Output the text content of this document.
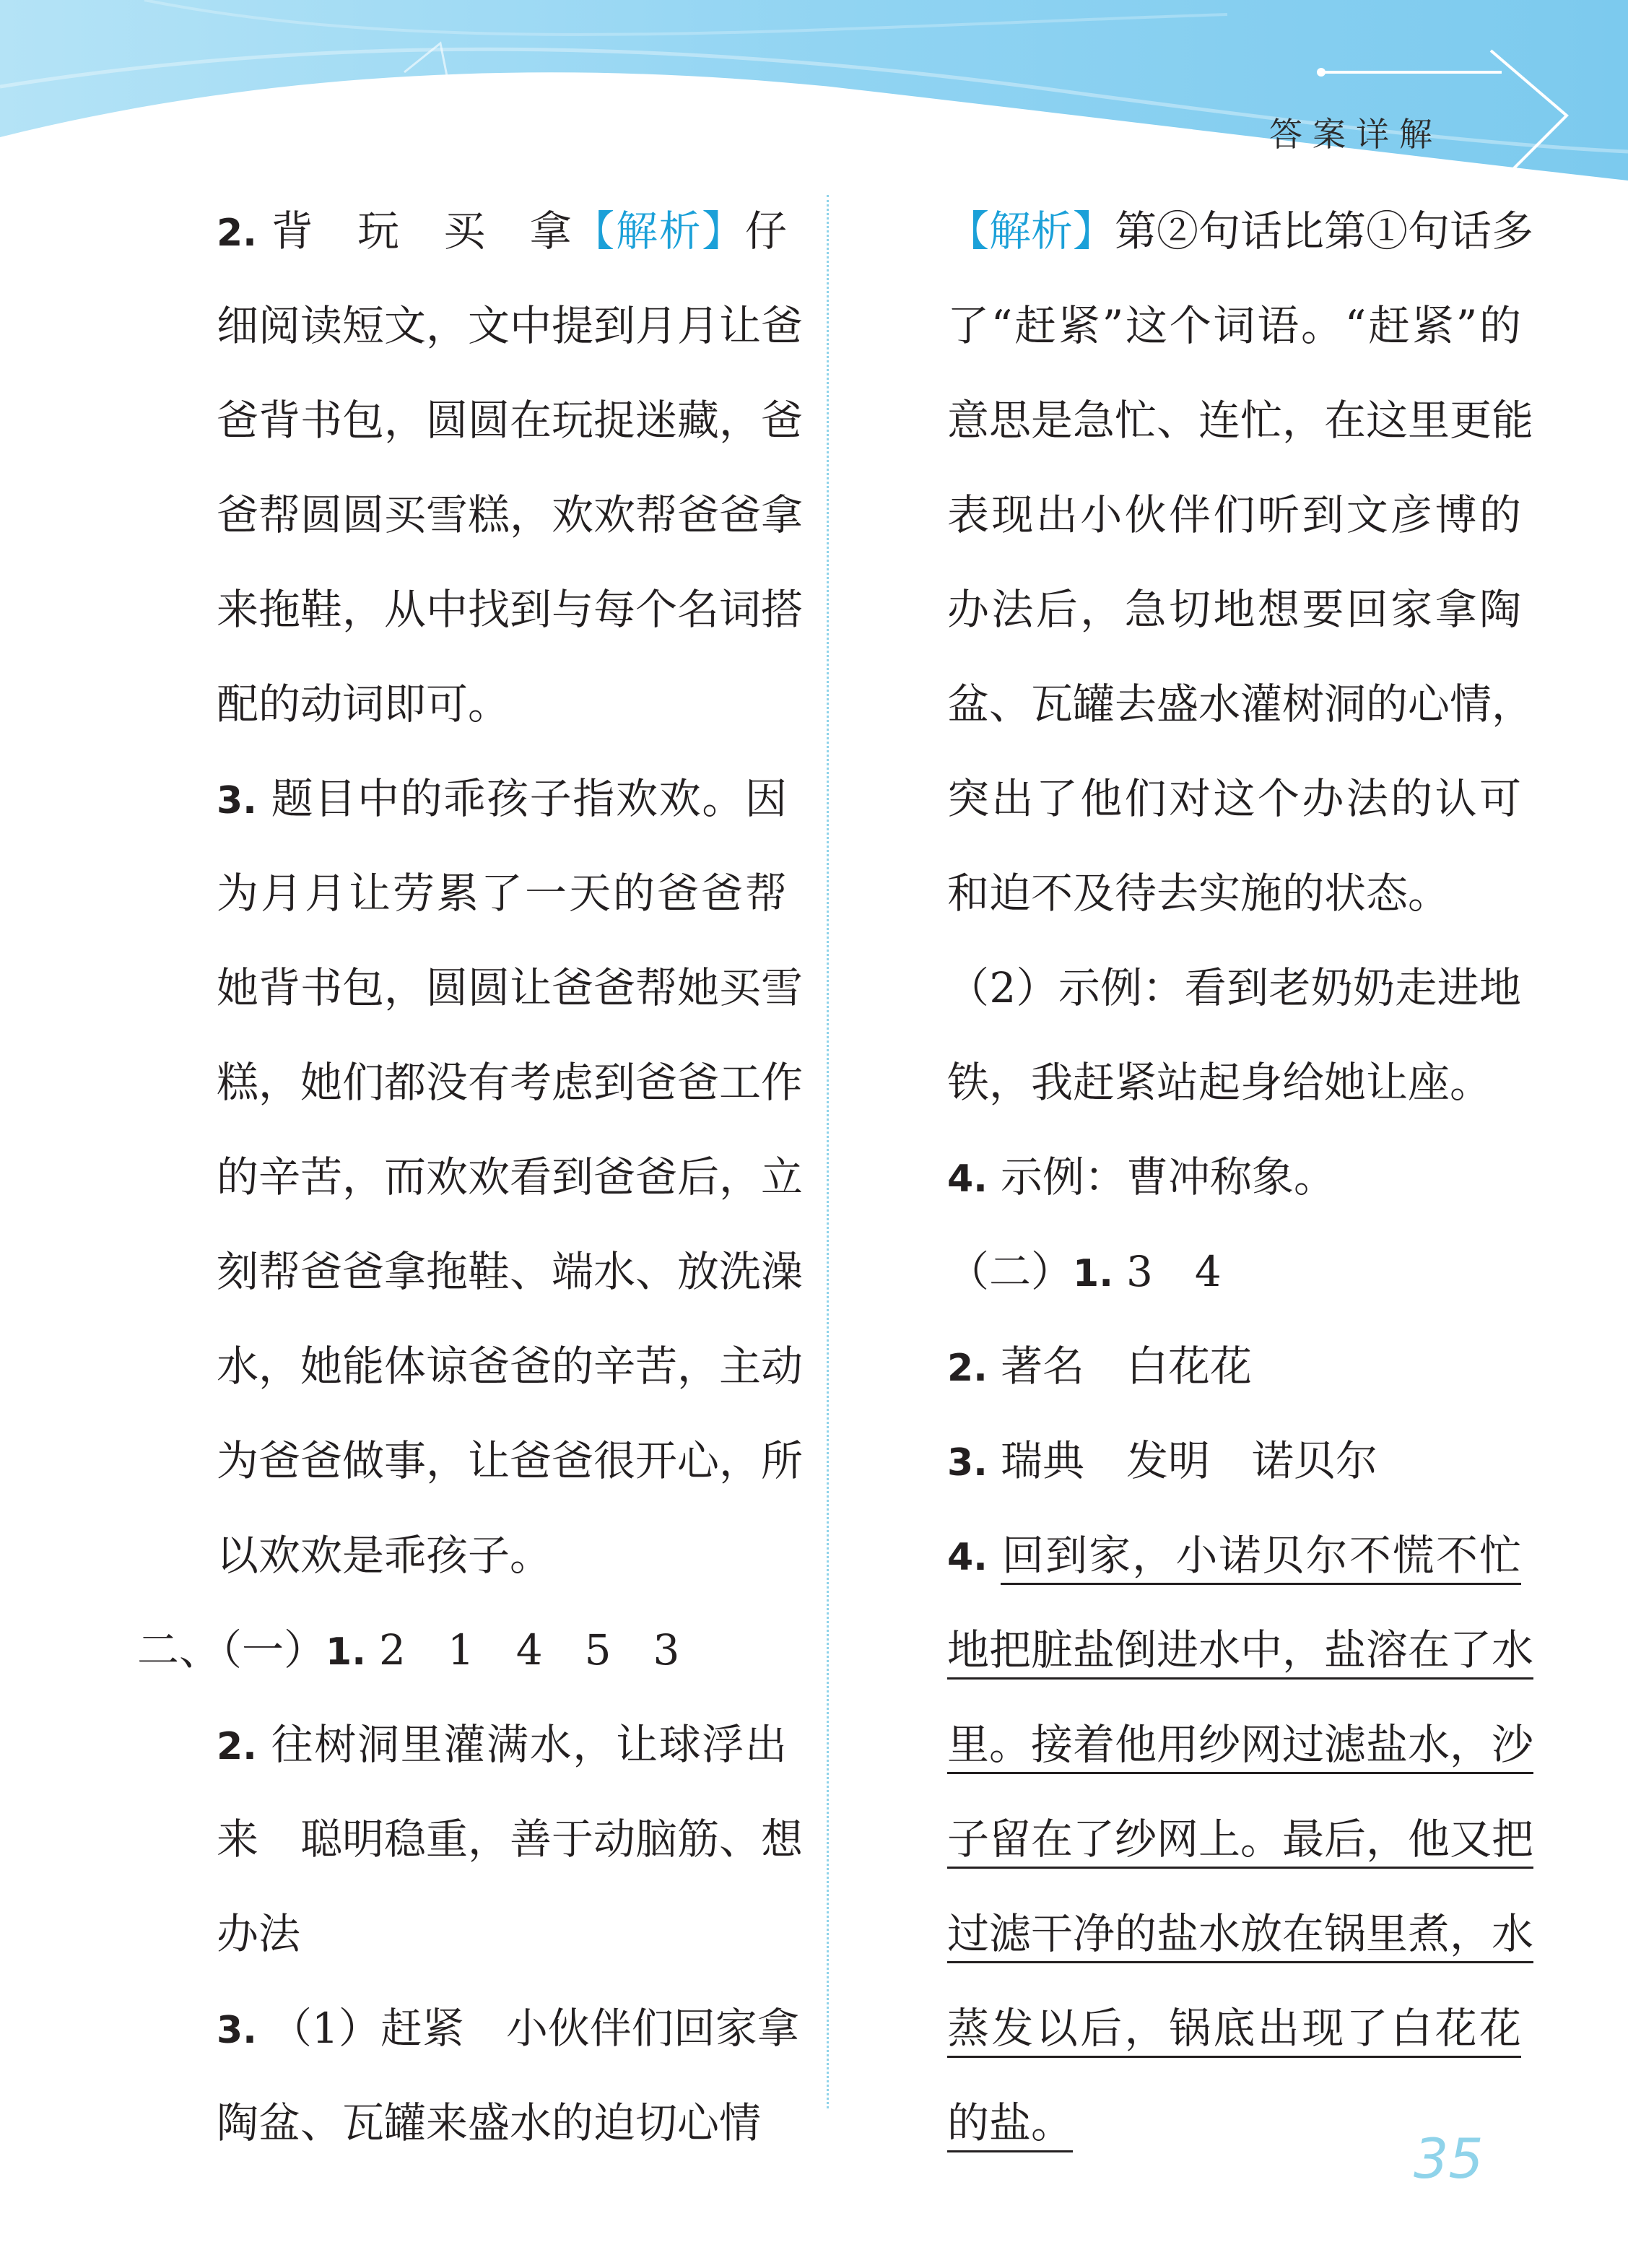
答案详解
2. 背　玩　买　拿【解析】仔
细阅读短文，文中提到月月让爸
爸背书包，圆圆在玩捉迷藏，爸
爸帮圆圆买雪糕，欢欢帮爸爸拿
来拖鞋，从中找到与每个名词搭
配的动词即可。
3. 题目中的乖孩子指欢欢。因
为月月让劳累了一天的爸爸帮
她背书包，圆圆让爸爸帮她买雪
糕，她们都没有考虑到爸爸工作
的辛苦，而欢欢看到爸爸后，立
刻帮爸爸拿拖鞋、端水、放洗澡
水，她能体谅爸爸的辛苦，主动
为爸爸做事，让爸爸很开心，所
以欢欢是乖孩子。
二、（一）1. 2　1　4　5　3
2. 往树洞里灌满水，让球浮出
来　聪明稳重，善于动脑筋、想
办法
3. （1）赶紧　小伙伴们回家拿
陶盆、瓦罐来盛水的迫切心情
【解析】第②句话比第①句话多
了“赶紧”这个词语。“赶紧”的
意思是急忙、连忙，在这里更能
表现出小伙伴们听到文彦博的
办法后，急切地想要回家拿陶
盆、瓦罐去盛水灌树洞的心情，
突出了他们对这个办法的认可
和迫不及待去实施的状态。
（2）示例：看到老奶奶走进地
铁，我赶紧站起身给她让座。
4. 示例：曹冲称象。
（二）1. 3　4
2. 著名　白花花
3. 瑞典　发明　诺贝尔
4. 回到家，小诺贝尔不慌不忙
地把脏盐倒进水中，盐溶在了水
里。接着他用纱网过滤盐水，沙
子留在了纱网上。最后，他又把
过滤干净的盐水放在锅里煮，水
蒸发以后，锅底出现了白花花
的盐。
35
